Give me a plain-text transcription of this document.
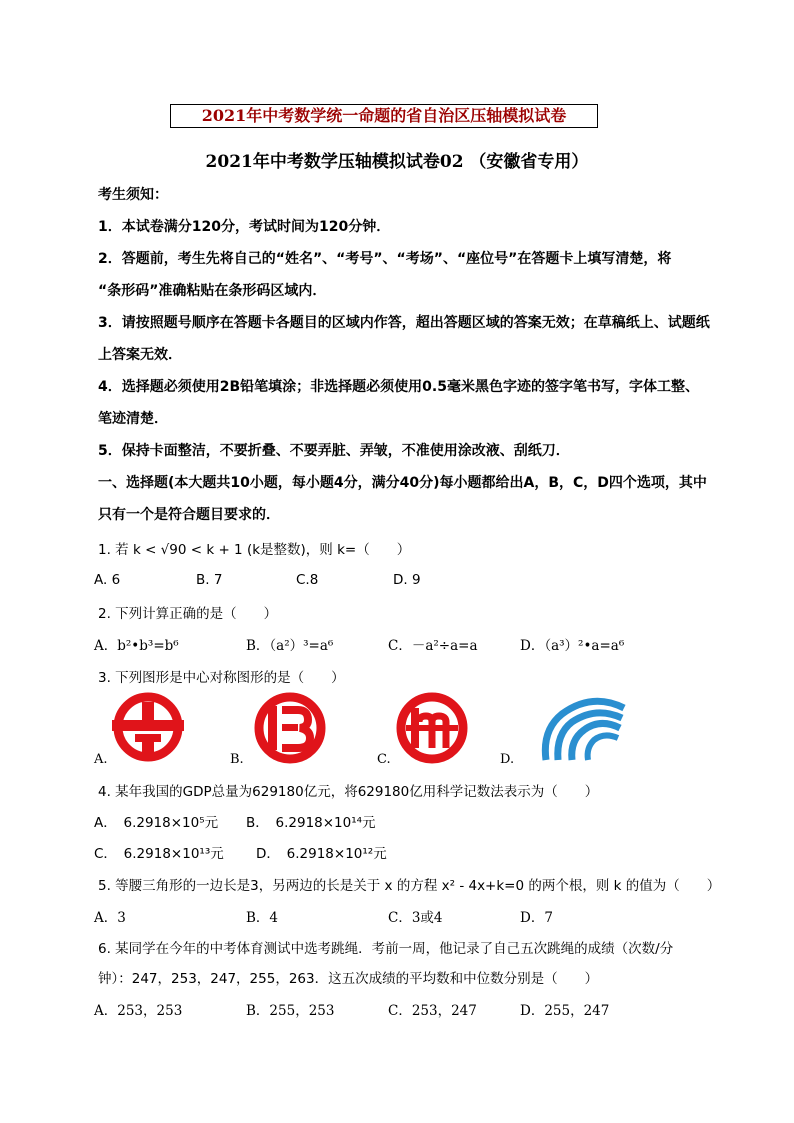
2021年中考数学统一命题的省自治区压轴模拟试卷
2021年中考数学压轴模拟试卷02 （安徽省专用）
考生须知：
1．本试卷满分120分，考试时间为120分钟．
2．答题前，考生先将自己的“姓名”、“考号”、“考场”、“座位号”在答题卡上填写清楚，将
“条形码”准确粘贴在条形码区域内．
3．请按照题号顺序在答题卡各题目的区域内作答，超出答题区域的答案无效；在草稿纸上、试题纸
上答案无效．
4．选择题必须使用2B铅笔填涂；非选择题必须使用0.5毫米黑色字迹的签字笔书写，字体工整、
笔迹清楚．
5．保持卡面整洁，不要折叠、不要弄脏、弄皱，不准使用涂改液、刮纸刀．
一、选择题(本大题共10小题，每小题4分，满分40分)每小题都给出A，B，C，D四个选项，其中
只有一个是符合题目要求的．
1. 若 k < √90 < k + 1 (k是整数)，则 k=（　　）
A. 6	B. 7	C.8	D. 9
2. 下列计算正确的是（　　）
A．b²•b³=b⁶	B．（a²）³=a⁶	C．－a²÷a=a	D．（a³）²•a=a⁶
3. 下列图形是中心对称图形的是（　　）
A.	B.	C.	D.
4. 某年我国的GDP总量为629180亿元，将629180亿用科学记数法表示为（　　）
A．　6.2918×10⁵元 B．　6.2918×10¹⁴元
C．　6.2918×10¹³元 D．　6.2918×10¹²元
5. 等腰三角形的一边长是3，另两边的长是关于 x 的方程 x² - 4x+k=0 的两个根，则 k 的值为（　　）
A．3	B．4	C．3或4	D．7
6. 某同学在今年的中考体育测试中选考跳绳．考前一周，他记录了自己五次跳绳的成绩（次数/分
钟）：247，253，247，255，263．这五次成绩的平均数和中位数分别是（　　）
A．253，253	B．255，253	C．253，247	D．255，247
